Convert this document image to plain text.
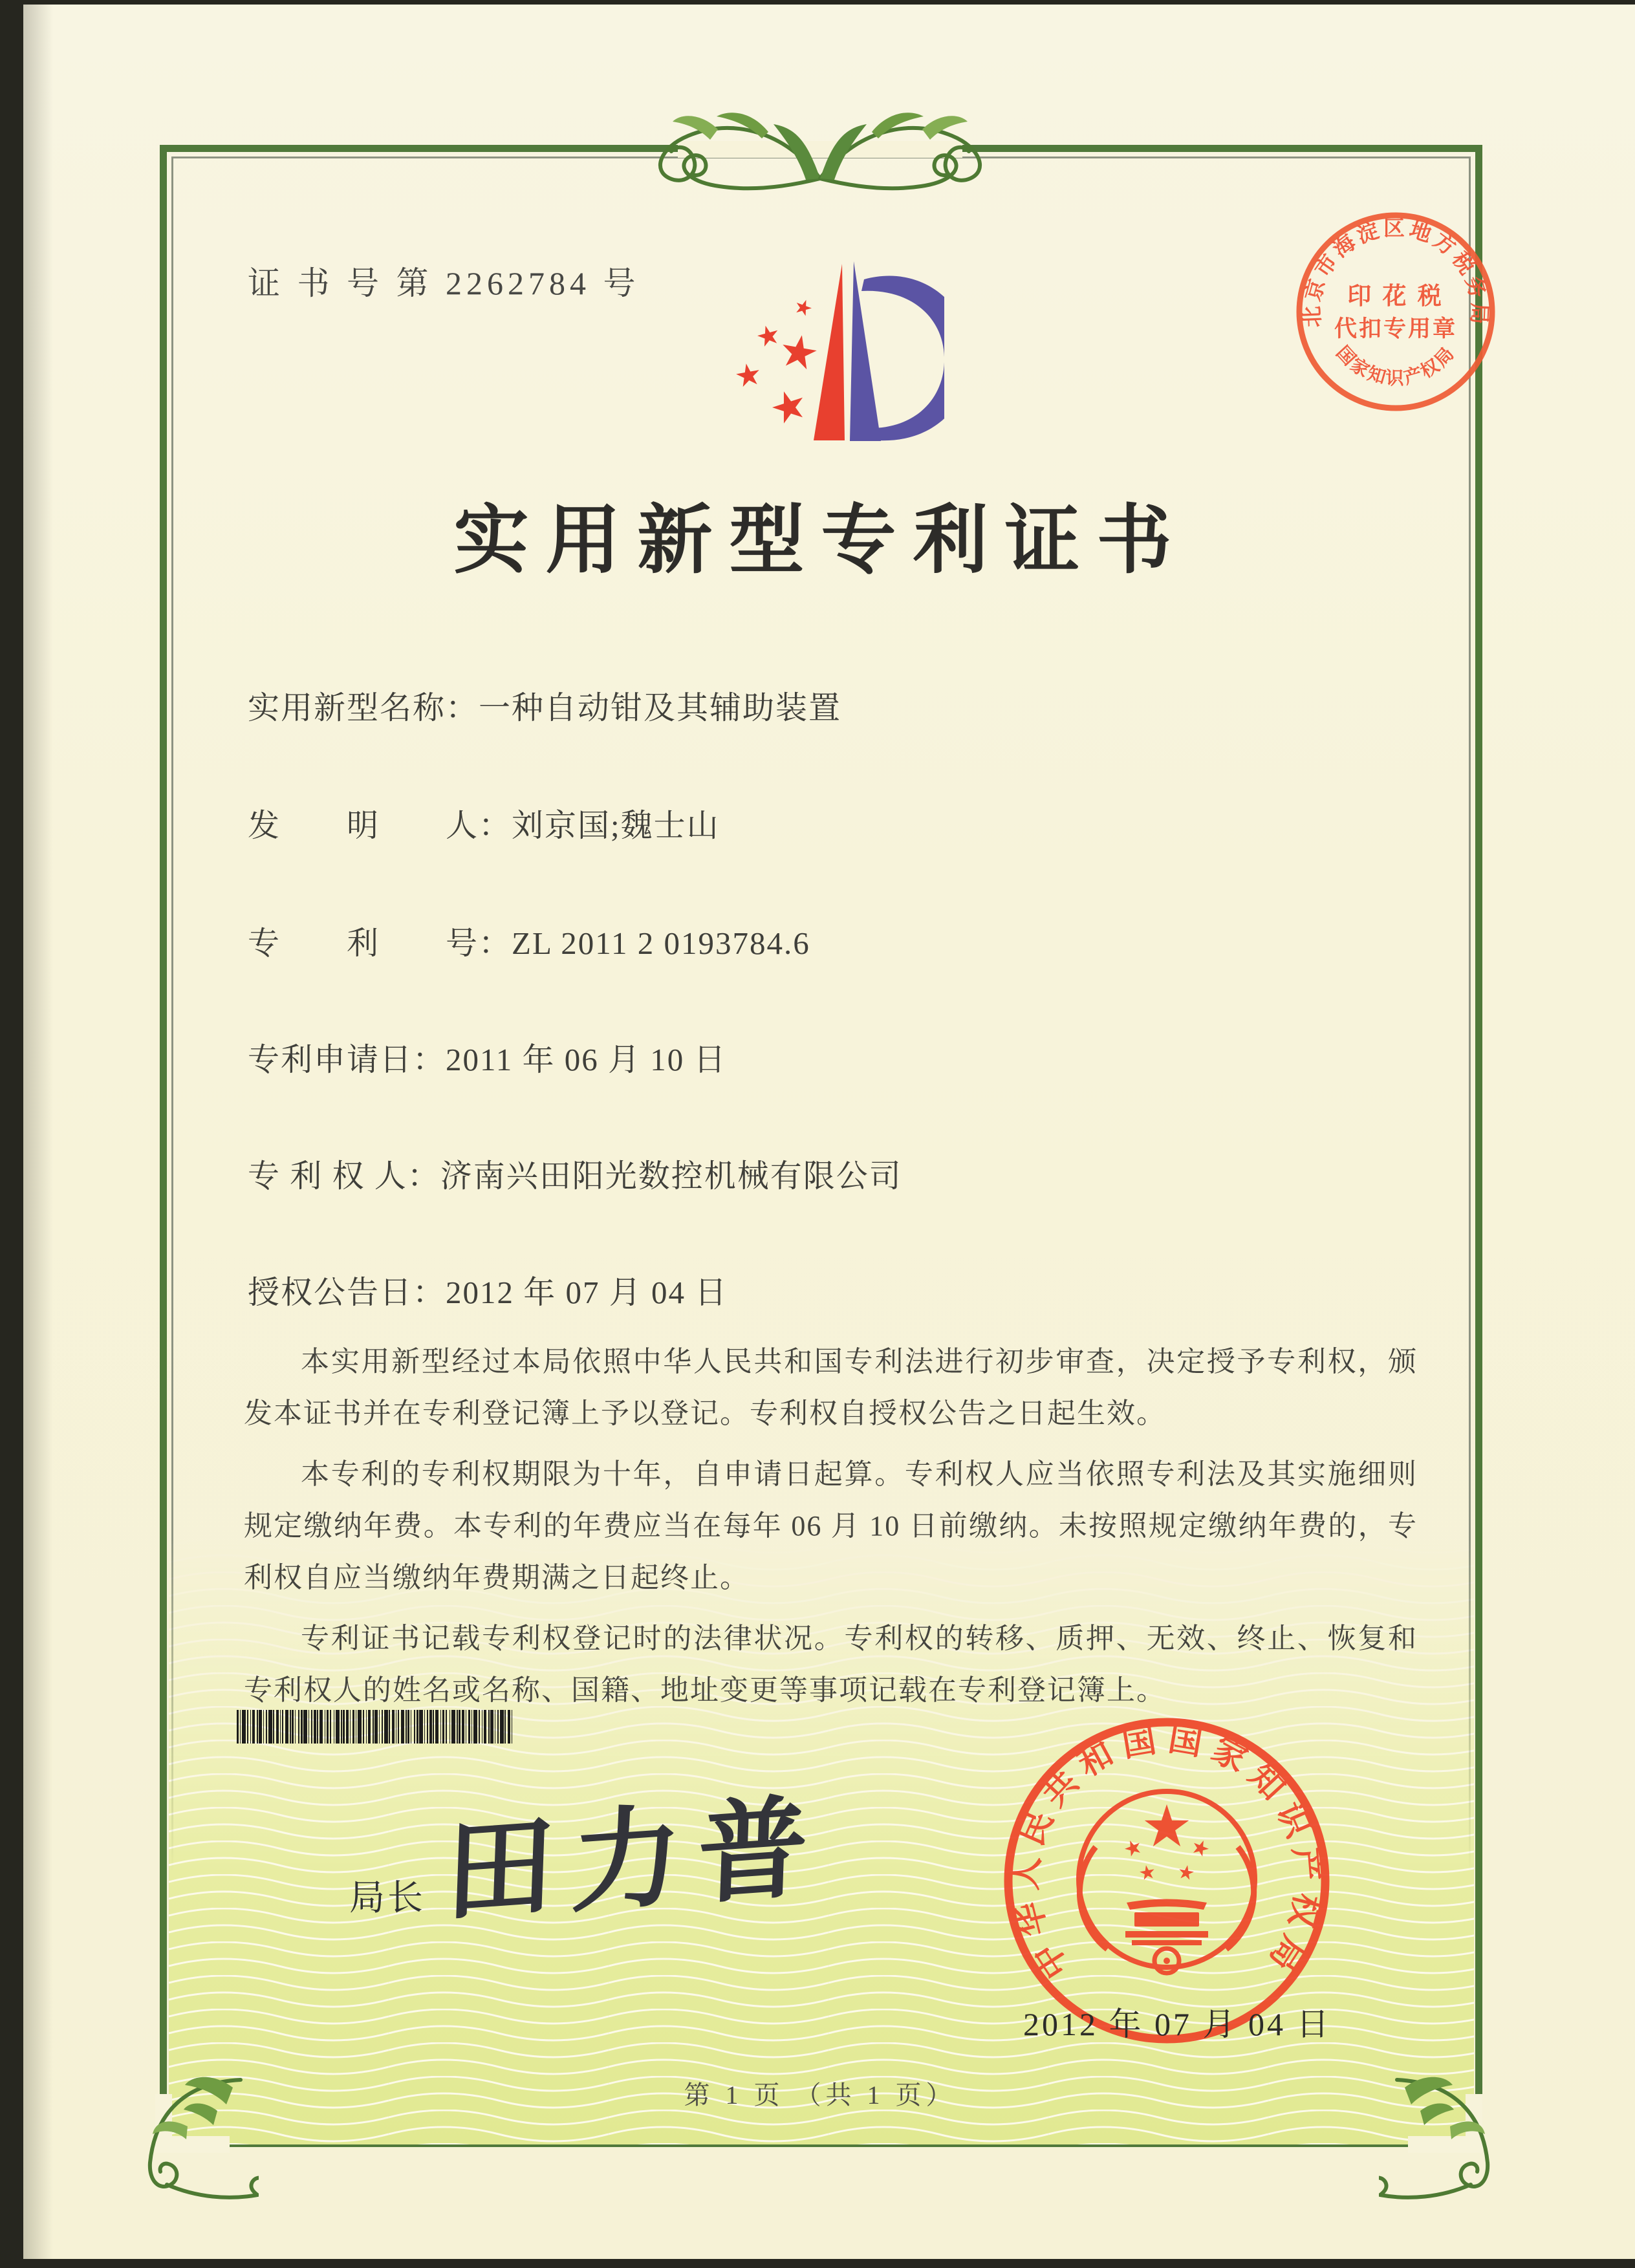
证 书 号 第 2262784 号
北京市海淀区地方税务局
国家知识产权局
印 花 税
代扣专用章
实用新型专利证书
实用新型名称：一种自动钳及其辅助装置
发　　明　　人：刘京国;魏士山
专　　利　　号：ZL 2011 2 0193784.6
专利申请日：2011 年 06 月 10 日
专 利 权 人：济南兴田阳光数控机械有限公司
授权公告日：2012 年 07 月 04 日

本实用新型经过本局依照中华人民共和国专利法进行初步审查，决定授予专利权，颁发本证书并在专利登记簿上予以登记。专利权自授权公告之日起生效。

本专利的专利权期限为十年，自申请日起算。专利权人应当依照专利法及其实施细则规定缴纳年费。本专利的年费应当在每年 06 月 10 日前缴纳。未按照规定缴纳年费的，专利权自应当缴纳年费期满之日起终止。

专利证书记载专利权登记时的法律状况。专利权的转移、质押、无效、终止、恢复和专利权人的姓名或名称、国籍、地址变更等事项记载在专利登记簿上。

局长 田力普
中华人民共和国国家知识产权局
2012 年 07 月 04 日
第 1 页 （共 1 页）
